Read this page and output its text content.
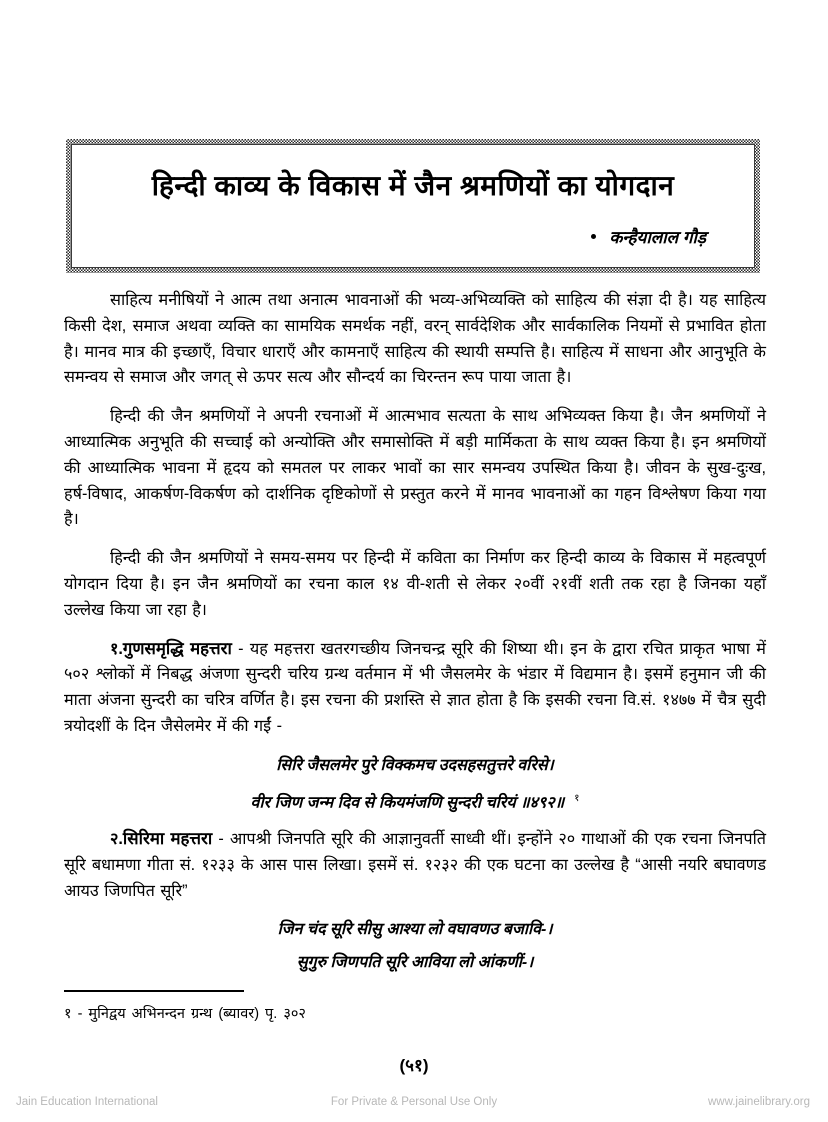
हिन्दी काव्य के विकास में जैन श्रमणियों का योगदान
कन्हैयालाल गौड़

साहित्य मनीषियों ने आत्म तथा अनात्म भावनाओं की भव्य-अभिव्यक्ति को साहित्य की संज्ञा दी है। यह साहित्य किसी देश, समाज अथवा व्यक्ति का सामयिक समर्थक नहीं, वरन् सार्वदेशिक और सार्वकालिक नियमों से प्रभावित होता है। मानव मात्र की इच्छाएँ, विचार धाराएँ और कामनाएँ साहित्य की स्थायी सम्पत्ति है। साहित्य में साधना और आनुभूति के समन्वय से समाज और जगत् से ऊपर सत्य और सौन्दर्य का चिरन्तन रूप पाया जाता है।

हिन्दी की जैन श्रमणियों ने अपनी रचनाओं में आत्मभाव सत्यता के साथ अभिव्यक्त किया है। जैन श्रमणियों ने आध्यात्मिक अनुभूति की सच्चाई को अन्योक्ति और समासोक्ति में बड़ी मार्मिकता के साथ व्यक्त किया है। इन श्रमणियों की आध्यात्मिक भावना में हृदय को समतल पर लाकर भावों का सार समन्वय उपस्थित किया है। जीवन के सुख-दुःख, हर्ष-विषाद, आकर्षण-विकर्षण को दार्शनिक दृष्टिकोणों से प्रस्तुत करने में मानव भावनाओं का गहन विश्लेषण किया गया है।

हिन्दी की जैन श्रमणियों ने समय-समय पर हिन्दी में कविता का निर्माण कर हिन्दी काव्य के विकास में महत्वपूर्ण योगदान दिया है। इन जैन श्रमणियों का रचना काल १४ वी-शती से लेकर २०वीं २१वीं शती तक रहा है जिनका यहाँ उल्लेख किया जा रहा है।

१.गुणसमृद्धि महत्तरा - यह महत्तरा खतरगच्छीय जिनचन्द्र सूरि की शिष्या थी। इन के द्वारा रचित प्राकृत भाषा में ५०२ श्लोकों में निबद्ध अंजणा सुन्दरी चरिय ग्रन्थ वर्तमान में भी जैसलमेर के भंडार में विद्यमान है। इसमें हनुमान जी की माता अंजना सुन्दरी का चरित्र वर्णित है। इस रचना की प्रशस्ति से ज्ञात होता है कि इसकी रचना वि.सं. १४७७ में चैत्र सुदी त्रयोदशीं के दिन जैसेलमेर में की गईं -

सिरि जैसलमेर पुरे विक्कमच उदसहसतुत्तरे वरिसे।
वीर जिण जन्म दिव से कियमंजणि सुन्दरी चरियं ॥४९२॥ $^१$

२.सिरिमा महत्तरा - आपश्री जिनपति सूरि की आज्ञानुवर्ती साध्वी थीं। इन्होंने २० गाथाओं की एक रचना जिनपति सूरि बधामणा गीता सं. १२३३ के आस पास लिखा। इसमें सं. १२३२ की एक घटना का उल्लेख है “आसी नयरि बघावणड आयउ जिणपित सूरि”

जिन चंद सूरि सीसु आश्या लो वघावणउ बजावि-।
सुगुरु जिणपति सूरि आविया लो आंकणीं-।
१ - मुनिद्वय अभिनन्दन ग्रन्थ (ब्यावर) पृ. ३०२
(५१)
Jain Education International	For Private & Personal Use Only	www.jainelibrary.org
